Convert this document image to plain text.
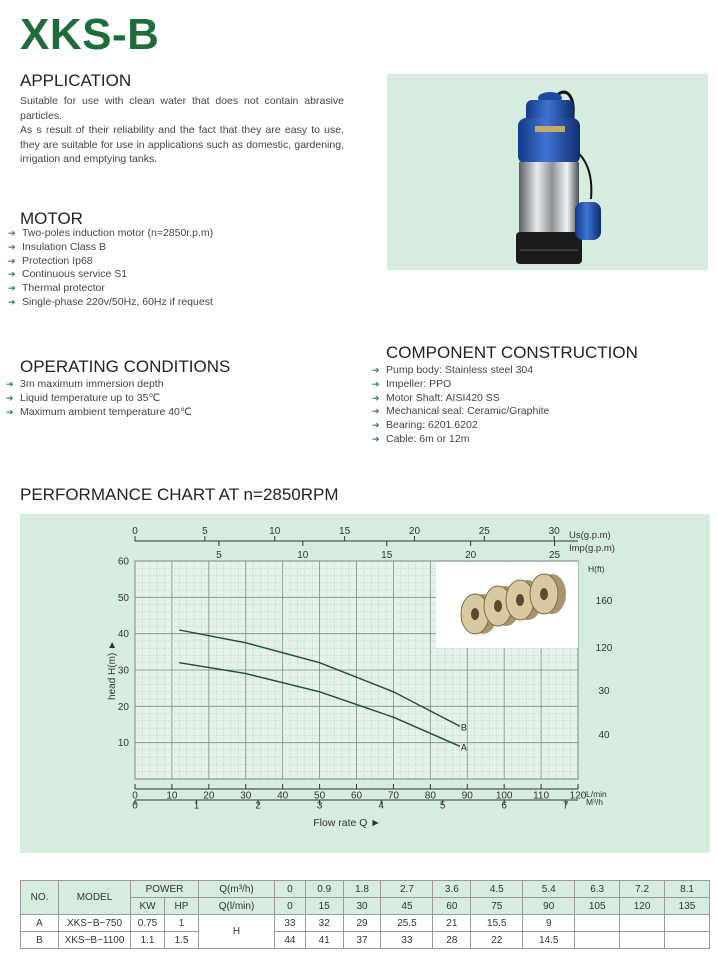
XKS-B
APPLICATION
Suitable for use with clean water that does not contain abrasive particles.
As s result of their reliability and the fact that they are easy to use, they are suitable for use in applications such as domestic, gardening, irrigation and emptying tanks.
MOTOR
➔ Two-poles induction motor (n=2850r.p.m)
➔ Insulation Class B
➔ Protection Ip68
➔ Continuous service S1
➔ Thermal protector
➔ Single-phase 220v/50Hz, 60Hz if request
OPERATING CONDITIONS
➔ 3m maximum immersion depth
➔ Liquid temperature up to 35℃
➔ Maximum ambient temperature 40℃
COMPONENT CONSTRUCTION
➔ Pump body: Stainless steel 304
➔ Impeller: PPO
➔ Motor Shaft: AISI420 SS
➔ Mechanical seal: Ceramic/Graphite
➔ Bearing: 6201.6202
➔ Cable: 6m or 12m
PERFORMANCE CHART AT n=2850RPM
0	10	20	30	40	50	60	70	80	90 100 110 120 L/min
0	1	2	3	4	5	6	7 M³/h
Flow rate Q ►
10
20
30
40
50
60
head H(m) ►
0	5	10	15	20	25	30 Us(g.p.m)
5	10	15	20	25
Imp(g.p.m)
H(ft)
160
120
30
40
B
A
NO.	MODEL	POWER		Q(m³/h)	0	0.9	1.8	2.7	3.6	4.5	5.4	6.3	7.2	8.1
		KW	HP	Q(l/min)	0	15	30	45	60	75	90	105	120	135
A	XKS−B−750	0.75	1	H	33	32	29	25.5	21	15.5	9			
B	XKS−B−1100	1.1	1.5		44	41	37	33	28	22	14.5			
